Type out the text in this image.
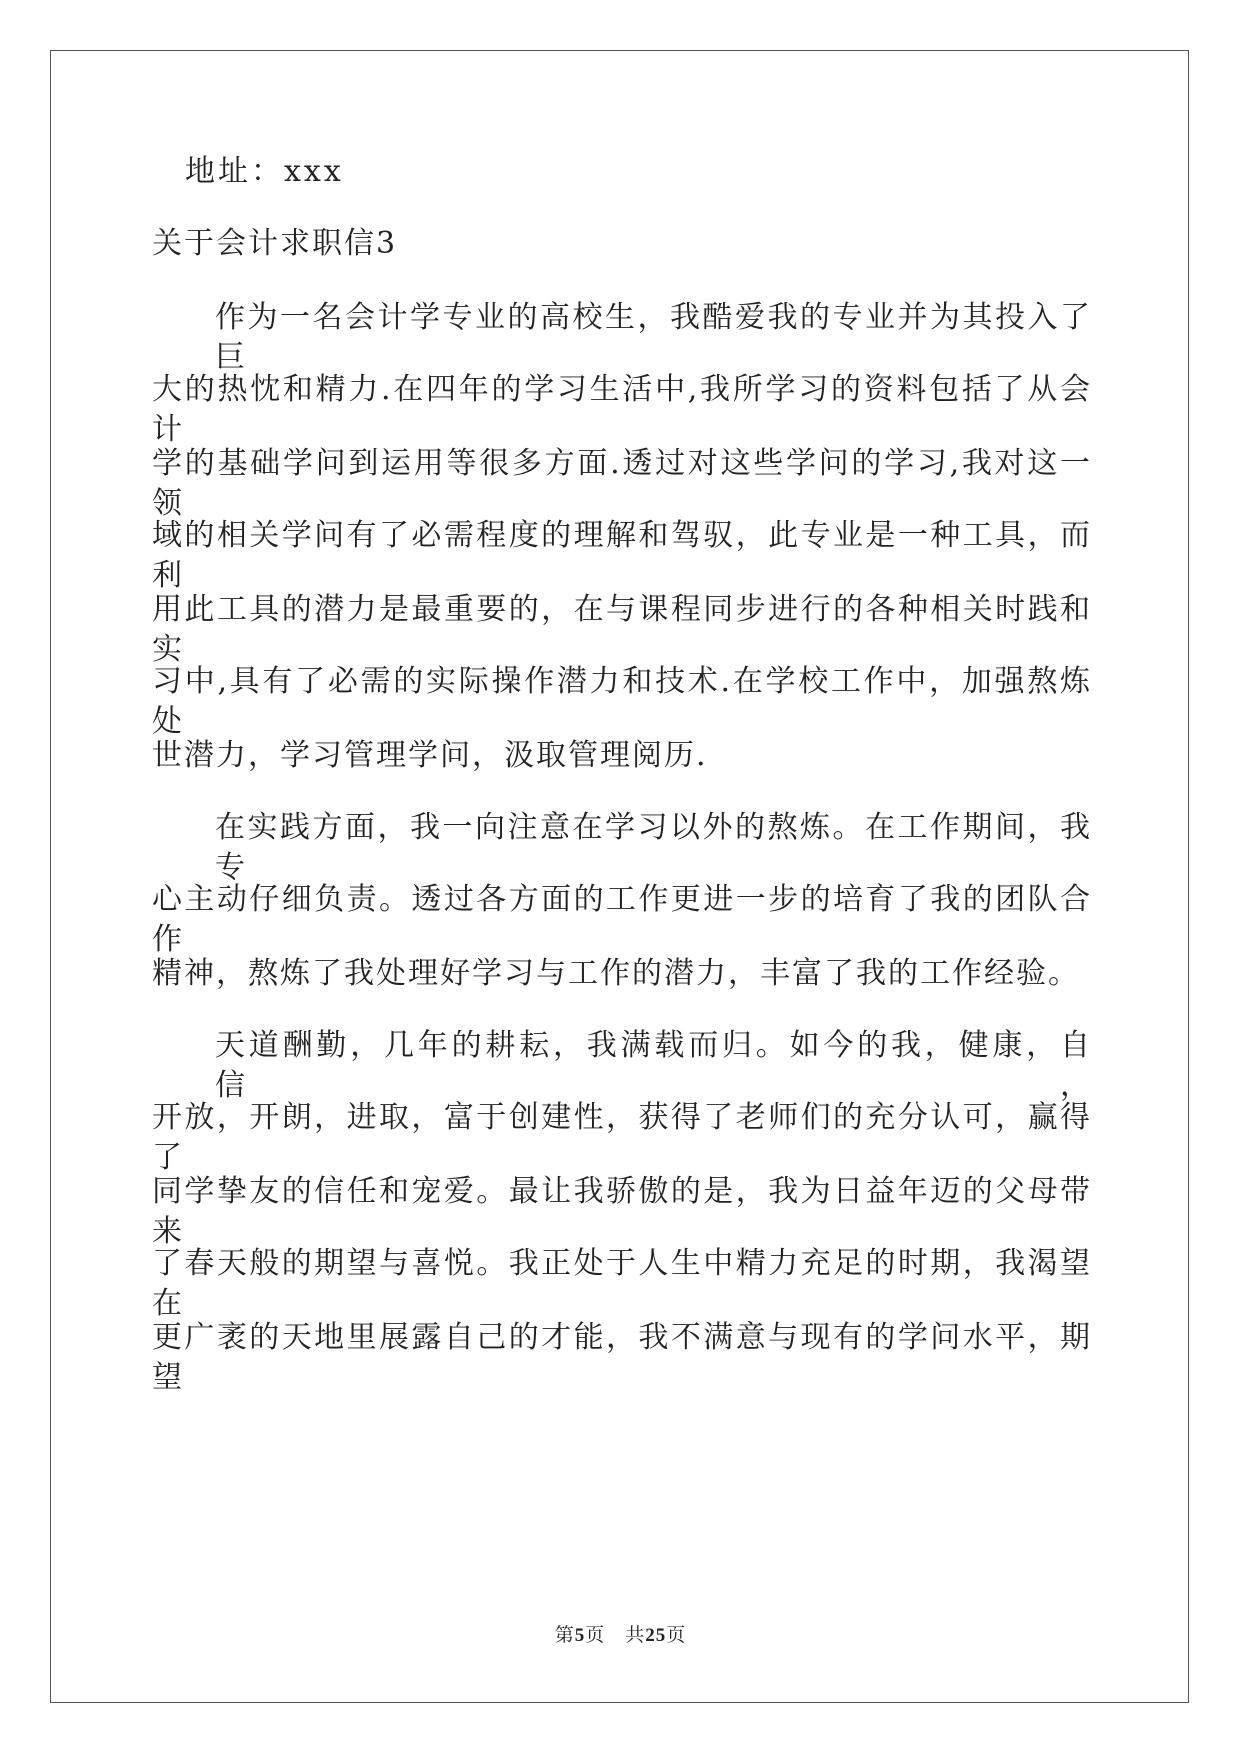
地址：xxx
关于会计求职信3
作为一名会计学专业的高校生，我酷爱我的专业并为其投入了巨
大的热忱和精力.在四年的学习生活中,我所学习的资料包括了从会计
学的基础学问到运用等很多方面.透过对这些学问的学习,我对这一领
域的相关学问有了必需程度的理解和驾驭，此专业是一种工具，而利
用此工具的潜力是最重要的，在与课程同步进行的各种相关时践和实
习中,具有了必需的实际操作潜力和技术.在学校工作中，加强熬炼处
世潜力，学习管理学问，汲取管理阅历.
在实践方面，我一向注意在学习以外的熬炼。在工作期间，我专
心主动仔细负责。透过各方面的工作更进一步的培育了我的团队合作
精神，熬炼了我处理好学习与工作的潜力，丰富了我的工作经验。
天道酬勤，几年的耕耘，我满载而归。如今的我，健康，自信，
开放，开朗，进取，富于创建性，获得了老师们的充分认可，赢得了
同学挚友的信任和宠爱。最让我骄傲的是，我为日益年迈的父母带来
了春天般的期望与喜悦。我正处于人生中精力充足的时期，我渴望在
更广袤的天地里展露自己的才能，我不满意与现有的学问水平，期望
第5页　共25页
